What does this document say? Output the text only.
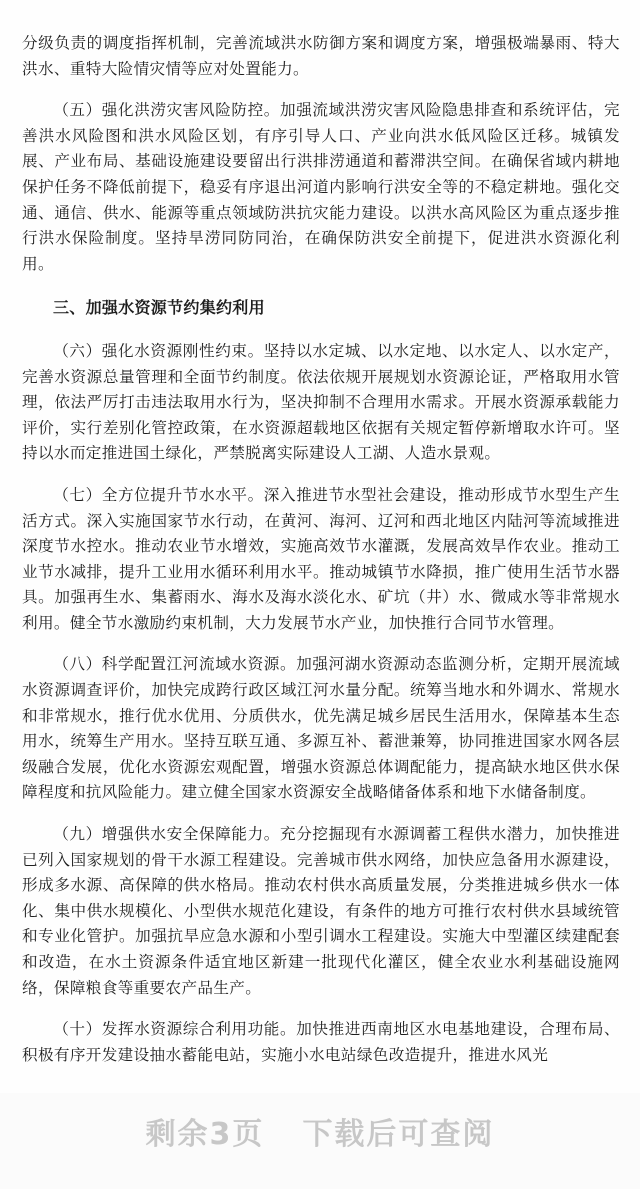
分级负责的调度指挥机制，完善流域洪水防御方案和调度方案，增强极端暴雨、特大洪水、重特大险情灾情等应对处置能力。

（五）强化洪涝灾害风险防控。加强流域洪涝灾害风险隐患排查和系统评估，完善洪水风险图和洪水风险区划，有序引导人口、产业向洪水低风险区迁移。城镇发展、产业布局、基础设施建设要留出行洪排涝通道和蓄滞洪空间。在确保省域内耕地保护任务不降低前提下，稳妥有序退出河道内影响行洪安全等的不稳定耕地。强化交通、通信、供水、能源等重点领域防洪抗灾能力建设。以洪水高风险区为重点逐步推行洪水保险制度。坚持旱涝同防同治，在确保防洪安全前提下，促进洪水资源化利用。

三、加强水资源节约集约利用

（六）强化水资源刚性约束。坚持以水定城、以水定地、以水定人、以水定产，完善水资源总量管理和全面节约制度。依法依规开展规划水资源论证，严格取用水管理，依法严厉打击违法取用水行为，坚决抑制不合理用水需求。开展水资源承载能力评价，实行差别化管控政策，在水资源超载地区依据有关规定暂停新增取水许可。坚持以水而定推进国土绿化，严禁脱离实际建设人工湖、人造水景观。

（七）全方位提升节水水平。深入推进节水型社会建设，推动形成节水型生产生活方式。深入实施国家节水行动，在黄河、海河、辽河和西北地区内陆河等流域推进深度节水控水。推动农业节水增效，实施高效节水灌溉，发展高效旱作农业。推动工业节水减排，提升工业用水循环利用水平。推动城镇节水降损，推广使用生活节水器具。加强再生水、集蓄雨水、海水及海水淡化水、矿坑（井）水、微咸水等非常规水利用。健全节水激励约束机制，大力发展节水产业，加快推行合同节水管理。

（八）科学配置江河流域水资源。加强河湖水资源动态监测分析，定期开展流域水资源调查评价，加快完成跨行政区域江河水量分配。统筹当地水和外调水、常规水和非常规水，推行优水优用、分质供水，优先满足城乡居民生活用水，保障基本生态用水，统筹生产用水。坚持互联互通、多源互补、蓄泄兼筹，协同推进国家水网各层级融合发展，优化水资源宏观配置，增强水资源总体调配能力，提高缺水地区供水保障程度和抗风险能力。建立健全国家水资源安全战略储备体系和地下水储备制度。

（九）增强供水安全保障能力。充分挖掘现有水源调蓄工程供水潜力，加快推进已列入国家规划的骨干水源工程建设。完善城市供水网络，加快应急备用水源建设，形成多水源、高保障的供水格局。推动农村供水高质量发展，分类推进城乡供水一体化、集中供水规模化、小型供水规范化建设，有条件的地方可推行农村供水县域统管和专业化管护。加强抗旱应急水源和小型引调水工程建设。实施大中型灌区续建配套和改造，在水土资源条件适宜地区新建一批现代化灌区，健全农业水利基础设施网络，保障粮食等重要农产品生产。

（十）发挥水资源综合利用功能。加快推进西南地区水电基地建设，合理布局、积极有序开发建设抽水蓄能电站，实施小水电站绿色改造提升，推进水风光

剩余3页 下载后可查阅
